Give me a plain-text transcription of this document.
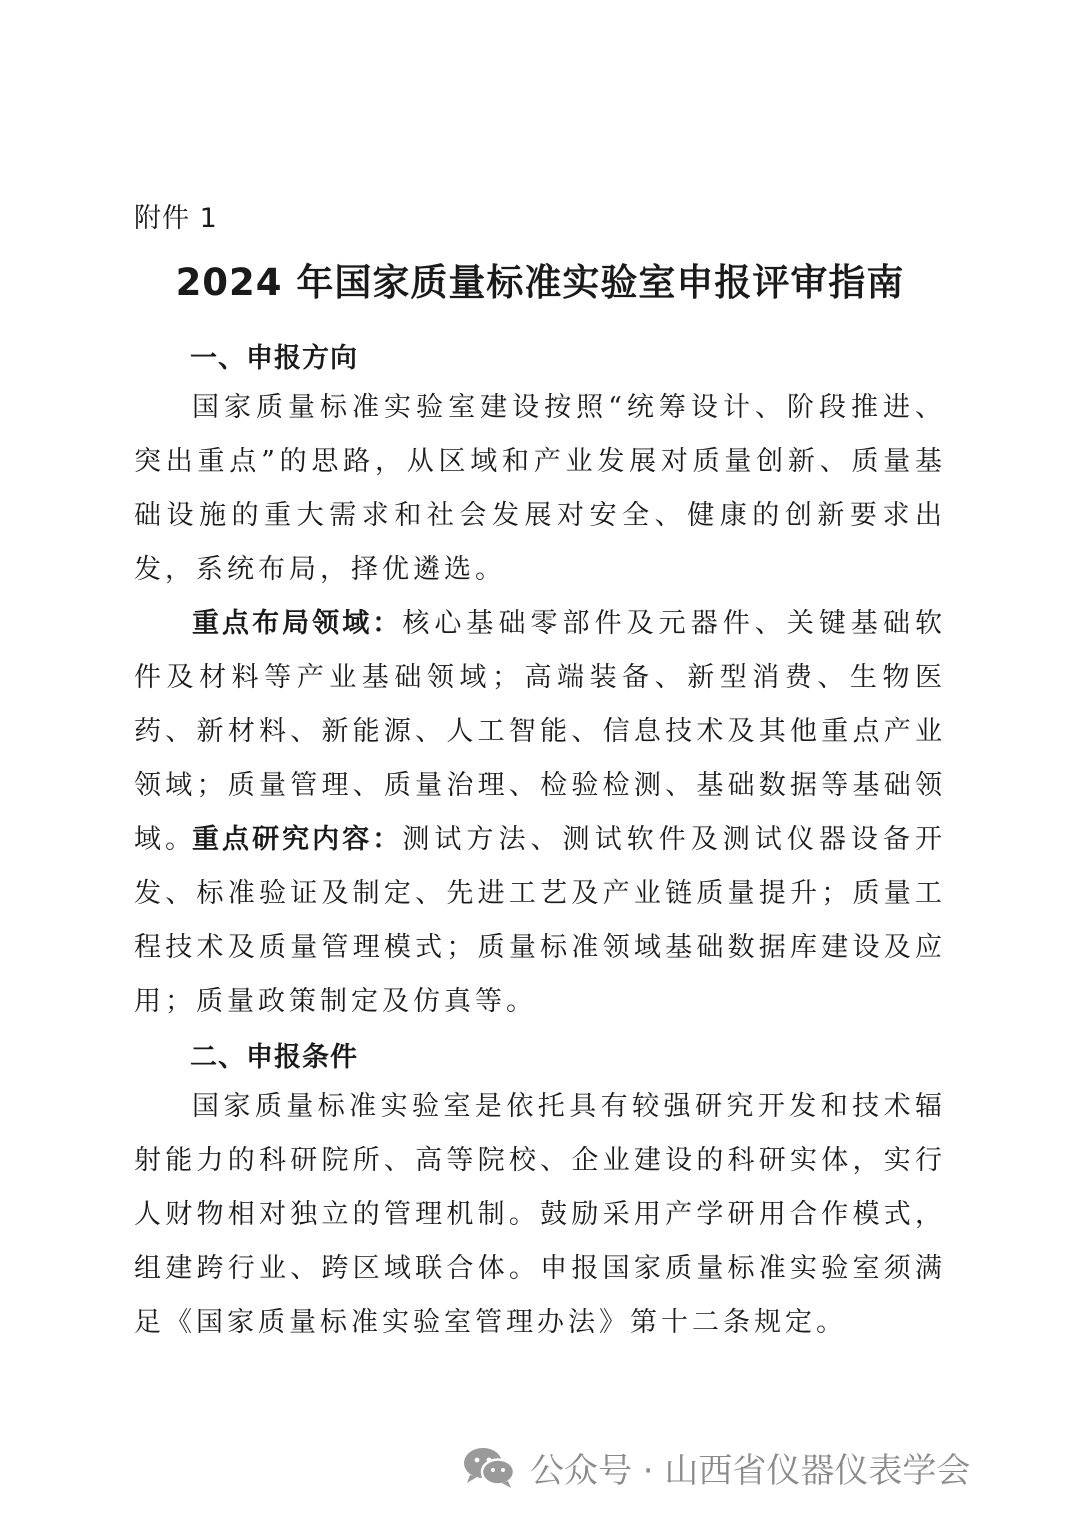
附件 1
2024 年国家质量标准实验室申报评审指南
一、申报方向
国家质量标准实验室建设按照“统筹设计、阶段推进、突出重点”的思路，从区域和产业发展对质量创新、质量基础设施的重大需求和社会发展对安全、健康的创新要求出发，系统布局，择优遴选。
重点布局领域：核心基础零部件及元器件、关键基础软件及材料等产业基础领域；高端装备、新型消费、生物医药、新材料、新能源、人工智能、信息技术及其他重点产业领域；质量管理、质量治理、检验检测、基础数据等基础领域。
重点研究内容：测试方法、测试软件及测试仪器设备开发、标准验证及制定、先进工艺及产业链质量提升；质量工程技术及质量管理模式；质量标准领域基础数据库建设及应用；质量政策制定及仿真等。
二、申报条件
国家质量标准实验室是依托具有较强研究开发和技术辐射能力的科研院所、高等院校、企业建设的科研实体，实行人财物相对独立的管理机制。鼓励采用产学研用合作模式，组建跨行业、跨区域联合体。申报国家质量标准实验室须满足《国家质量标准实验室管理办法》第十二条规定。
公众号 · 山西省仪器仪表学会
